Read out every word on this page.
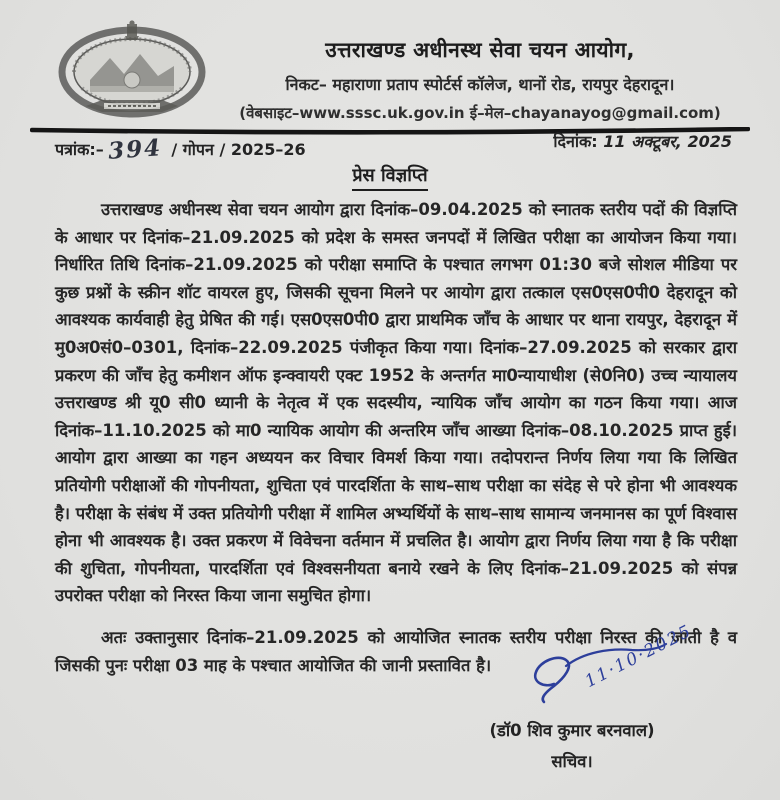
उत्तराखण्ड अधीनस्थ सेवा चयन आयोग,
निकट– महाराणा प्रताप स्पोर्टर्स कॉलेज, थानों रोड, रायपुर देहरादून।
(वेबसाइट–www.sssc.uk.gov.in ई–मेल–chayanayog@gmail.com)
पत्रांक:– 394 / गोपन / 2025–26	दिनांक: 11 अक्टूबर, 2025
प्रेस विज्ञप्ति

उत्तराखण्ड अधीनस्थ सेवा चयन आयोग द्वारा दिनांक–09.04.2025 को स्नातक स्तरीय पदों की विज्ञप्ति के आधार पर दिनांक–21.09.2025 को प्रदेश के समस्त जनपदों में लिखित परीक्षा का आयोजन किया गया। निर्धारित तिथि दिनांक–21.09.2025 को परीक्षा समाप्ति के पश्चात लगभग 01:30 बजे सोशल मीडिया पर कुछ प्रश्नों के स्क्रीन शॉट वायरल हुए, जिसकी सूचना मिलने पर आयोग द्वारा तत्काल एस0एस0पी0 देहरादून को आवश्यक कार्यवाही हेतु प्रेषित की गई। एस0एस0पी0 द्वारा प्राथमिक जाँच के आधार पर थाना रायपुर, देहरादून में मु0अ0सं0–0301, दिनांक–22.09.2025 पंजीकृत किया गया। दिनांक–27.09.2025 को सरकार द्वारा प्रकरण की जाँच हेतु कमीशन ऑफ इन्क्वायरी एक्ट 1952 के अन्तर्गत मा0न्यायाधीश (से0नि0) उच्च न्यायालय उत्तराखण्ड श्री यू0 सी0 ध्यानी के नेतृत्व में एक सदस्यीय, न्यायिक जाँच आयोग का गठन किया गया। आज दिनांक–11.10.2025 को मा0 न्यायिक आयोग की अन्तरिम जाँच आख्या दिनांक–08.10.2025 प्राप्त हुई। आयोग द्वारा आख्या का गहन अध्ययन कर विचार विमर्श किया गया। तदोपरान्त निर्णय लिया गया कि लिखित प्रतियोगी परीक्षाओं की गोपनीयता, शुचिता एवं पारदर्शिता के साथ–साथ परीक्षा का संदेह से परे होना भी आवश्यक है। परीक्षा के संबंध में उक्त प्रतियोगी परीक्षा में शामिल अभ्यर्थियों के साथ–साथ सामान्य जनमानस का पूर्ण विश्वास होना भी आवश्यक है। उक्त प्रकरण में विवेचना वर्तमान में प्रचलित है। आयोग द्वारा निर्णय लिया गया है कि परीक्षा की शुचिता, गोपनीयता, पारदर्शिता एवं विश्वसनीयता बनाये रखने के लिए दिनांक–21.09.2025 को संपन्न उपरोक्त परीक्षा को निरस्त किया जाना समुचित होगा।

अतः उक्तानुसार दिनांक–21.09.2025 को आयोजित स्नातक स्तरीय परीक्षा निरस्त की जाती है व जिसकी पुनः परीक्षा 03 माह के पश्चात आयोजित की जानी प्रस्तावित है।	11·10·2025
(डॉ0 शिव कुमार बरनवाल)
सचिव।
